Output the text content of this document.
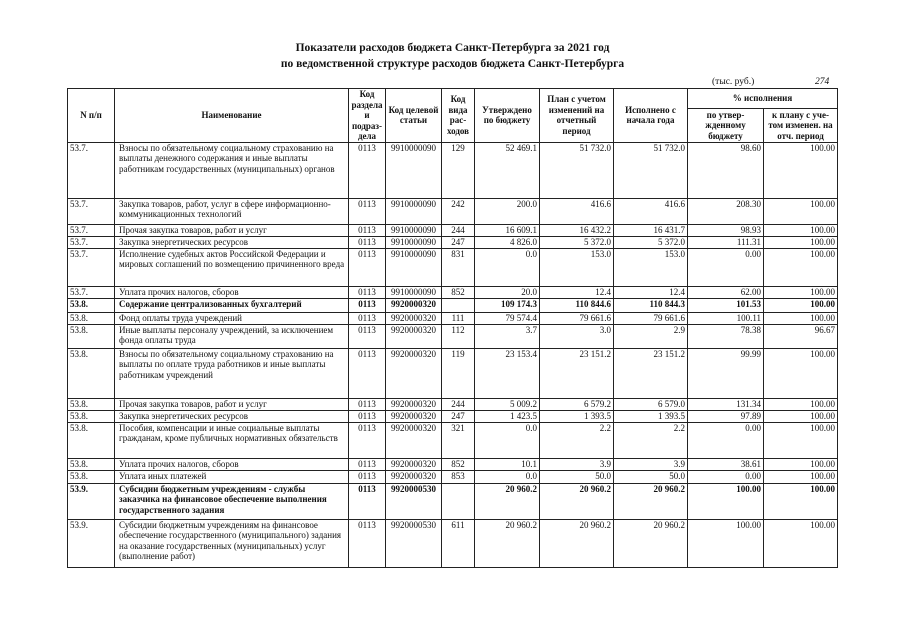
Показатели расходов бюджета Санкт-Петербурга за 2021 год
по ведомственной структуре расходов бюджета Санкт-Петербурга
(тыс. руб.)	274
N п/п	Наименование	Код раздела и подраз- дела	Код целевой статьи	Код вида рас- ходов	Утверждено по бюджету	План с учетом изменений на отчетный период	Исполнено с начала года	% исполнения	
								по утвер- жденному бюджету	к плану с уче- том изменен. на отч. период
53.7.	Взносы по обязательному социальному страхованию на выплаты денежного содержания и иные выплаты работникам государственных (муниципальных) органов	0113	9910000090	129	52 469.1	51 732.0	51 732.0	98.60	100.00
53.7.	Закупка товаров, работ, услуг в сфере информационно-коммуникационных технологий	0113	9910000090	242	200.0	416.6	416.6	208.30	100.00
53.7.	Прочая закупка товаров, работ и услуг	0113	9910000090	244	16 609.1	16 432.2	16 431.7	98.93	100.00
53.7.	Закупка энергетических ресурсов	0113	9910000090	247	4 826.0	5 372.0	5 372.0	111.31	100.00
53.7.	Исполнение судебных актов Российской Федерации и мировых соглашений по возмещению причиненного вреда	0113	9910000090	831	0.0	153.0	153.0	0.00	100.00
53.7.	Уплата прочих налогов, сборов	0113	9910000090	852	20.0	12.4	12.4	62.00	100.00
53.8.	Содержание централизованных бухгалтерий	0113	9920000320		109 174.3	110 844.6	110 844.3	101.53	100.00
53.8.	Фонд оплаты труда учреждений	0113	9920000320	111	79 574.4	79 661.6	79 661.6	100.11	100.00
53.8.	Иные выплаты персоналу учреждений, за исключением фонда оплаты труда	0113	9920000320	112	3.7	3.0	2.9	78.38	96.67
53.8.	Взносы по обязательному социальному страхованию на выплаты по оплате труда работников и иные выплаты работникам учреждений	0113	9920000320	119	23 153.4	23 151.2	23 151.2	99.99	100.00
53.8.	Прочая закупка товаров, работ и услуг	0113	9920000320	244	5 009.2	6 579.2	6 579.0	131.34	100.00
53.8.	Закупка энергетических ресурсов	0113	9920000320	247	1 423.5	1 393.5	1 393.5	97.89	100.00
53.8.	Пособия, компенсации и иные социальные выплаты гражданам, кроме публичных нормативных обязательств	0113	9920000320	321	0.0	2.2	2.2	0.00	100.00
53.8.	Уплата прочих налогов, сборов	0113	9920000320	852	10.1	3.9	3.9	38.61	100.00
53.8.	Уплата иных платежей	0113	9920000320	853	0.0	50.0	50.0	0.00	100.00
53.9.	Субсидии бюджетным учреждениям - службы заказчика на финансовое обеспечение выполнения государственного задания	0113	9920000530		20 960.2	20 960.2	20 960.2	100.00	100.00
53.9.	Субсидии бюджетным учреждениям на финансовое обеспечение государственного (муниципального) задания на оказание государственных (муниципальных) услуг (выполнение работ)	0113	9920000530	611	20 960.2	20 960.2	20 960.2	100.00	100.00
